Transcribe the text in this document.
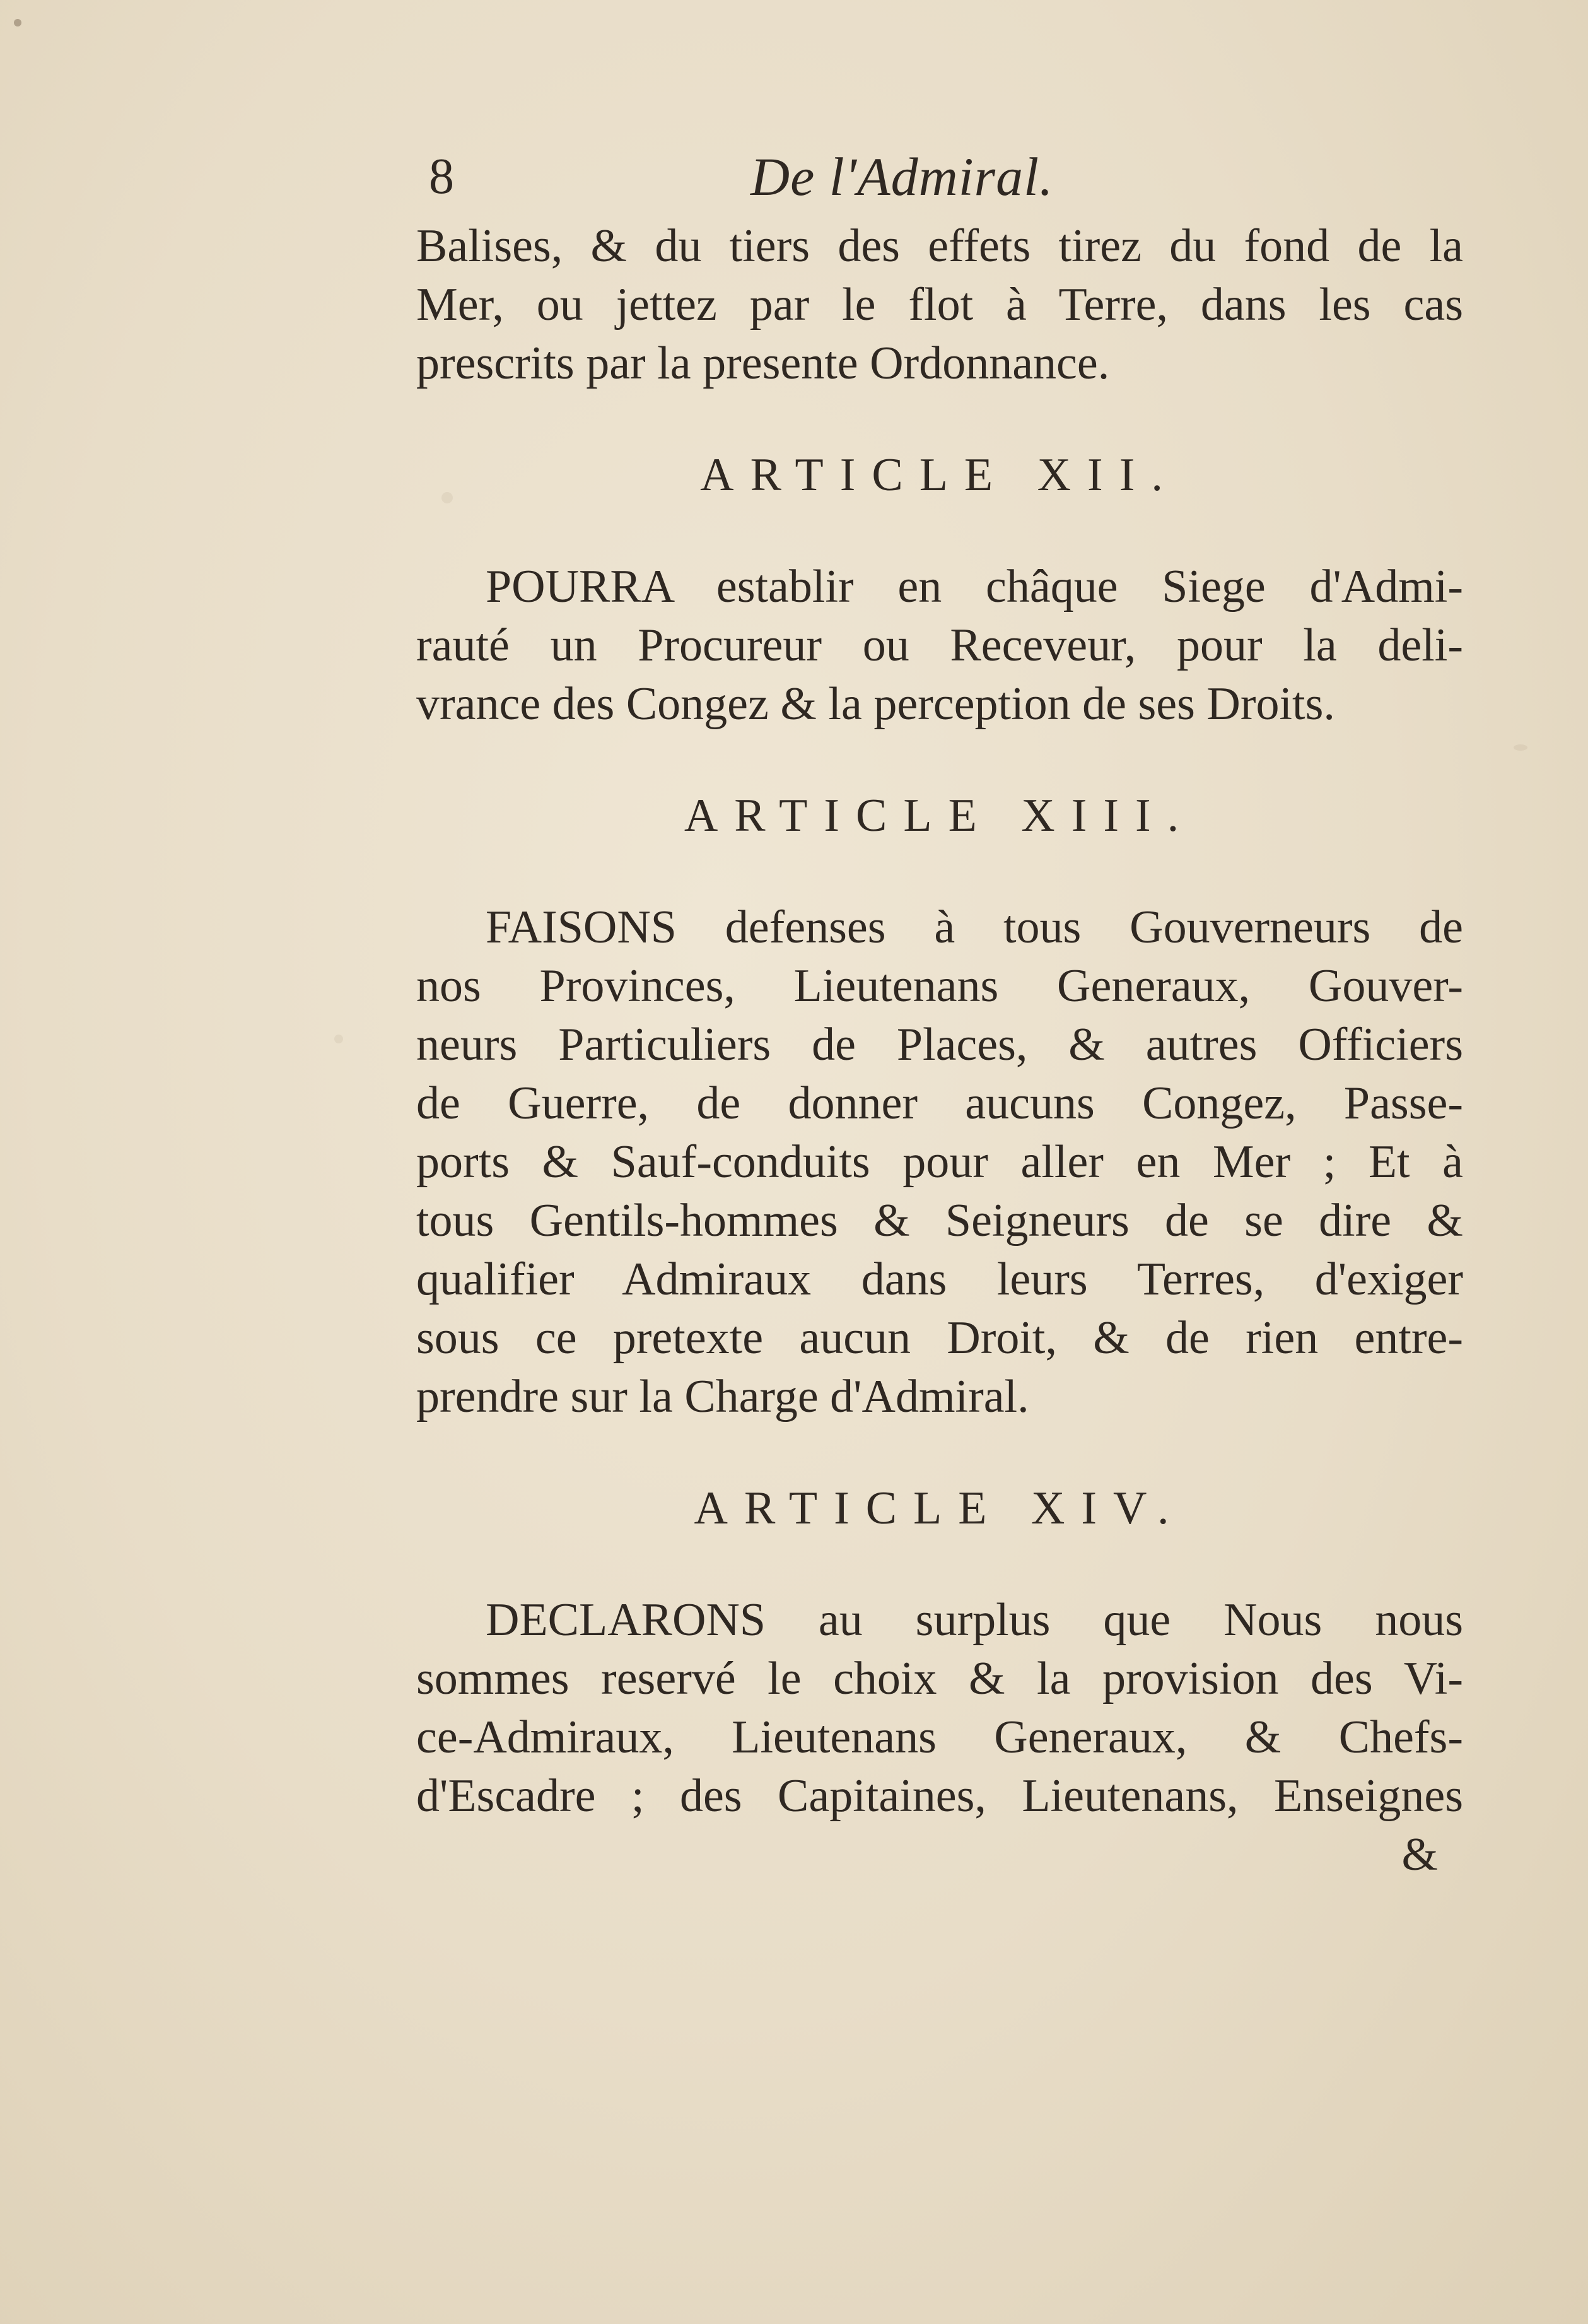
8	De l'Admiral.
Balises, & du tiers des effets tirez du fond de la
Mer, ou jettez par le flot à Terre, dans les cas
prescrits par la presente Ordonnance.
ARTICLE XII.
POURRA establir en châque Siege d'Admi-
rauté un Procureur ou Receveur, pour la deli-
vrance des Congez & la perception de ses Droits.
ARTICLE XIII.
FAISONS defenses à tous Gouverneurs de
nos Provinces, Lieutenans Generaux, Gouver-
neurs Particuliers de Places, & autres Officiers
de Guerre, de donner aucuns Congez, Passe-
ports & Sauf-conduits pour aller en Mer ; Et à
tous Gentils-hommes & Seigneurs de se dire &
qualifier Admiraux dans leurs Terres, d'exiger
sous ce pretexte aucun Droit, & de rien entre-
prendre sur la Charge d'Admiral.
ARTICLE XIV.
DECLARONS au surplus que Nous nous
sommes reservé le choix & la provision des Vi-
ce-Admiraux, Lieutenans Generaux, & Chefs-
d'Escadre ; des Capitaines, Lieutenans, Enseignes
&
